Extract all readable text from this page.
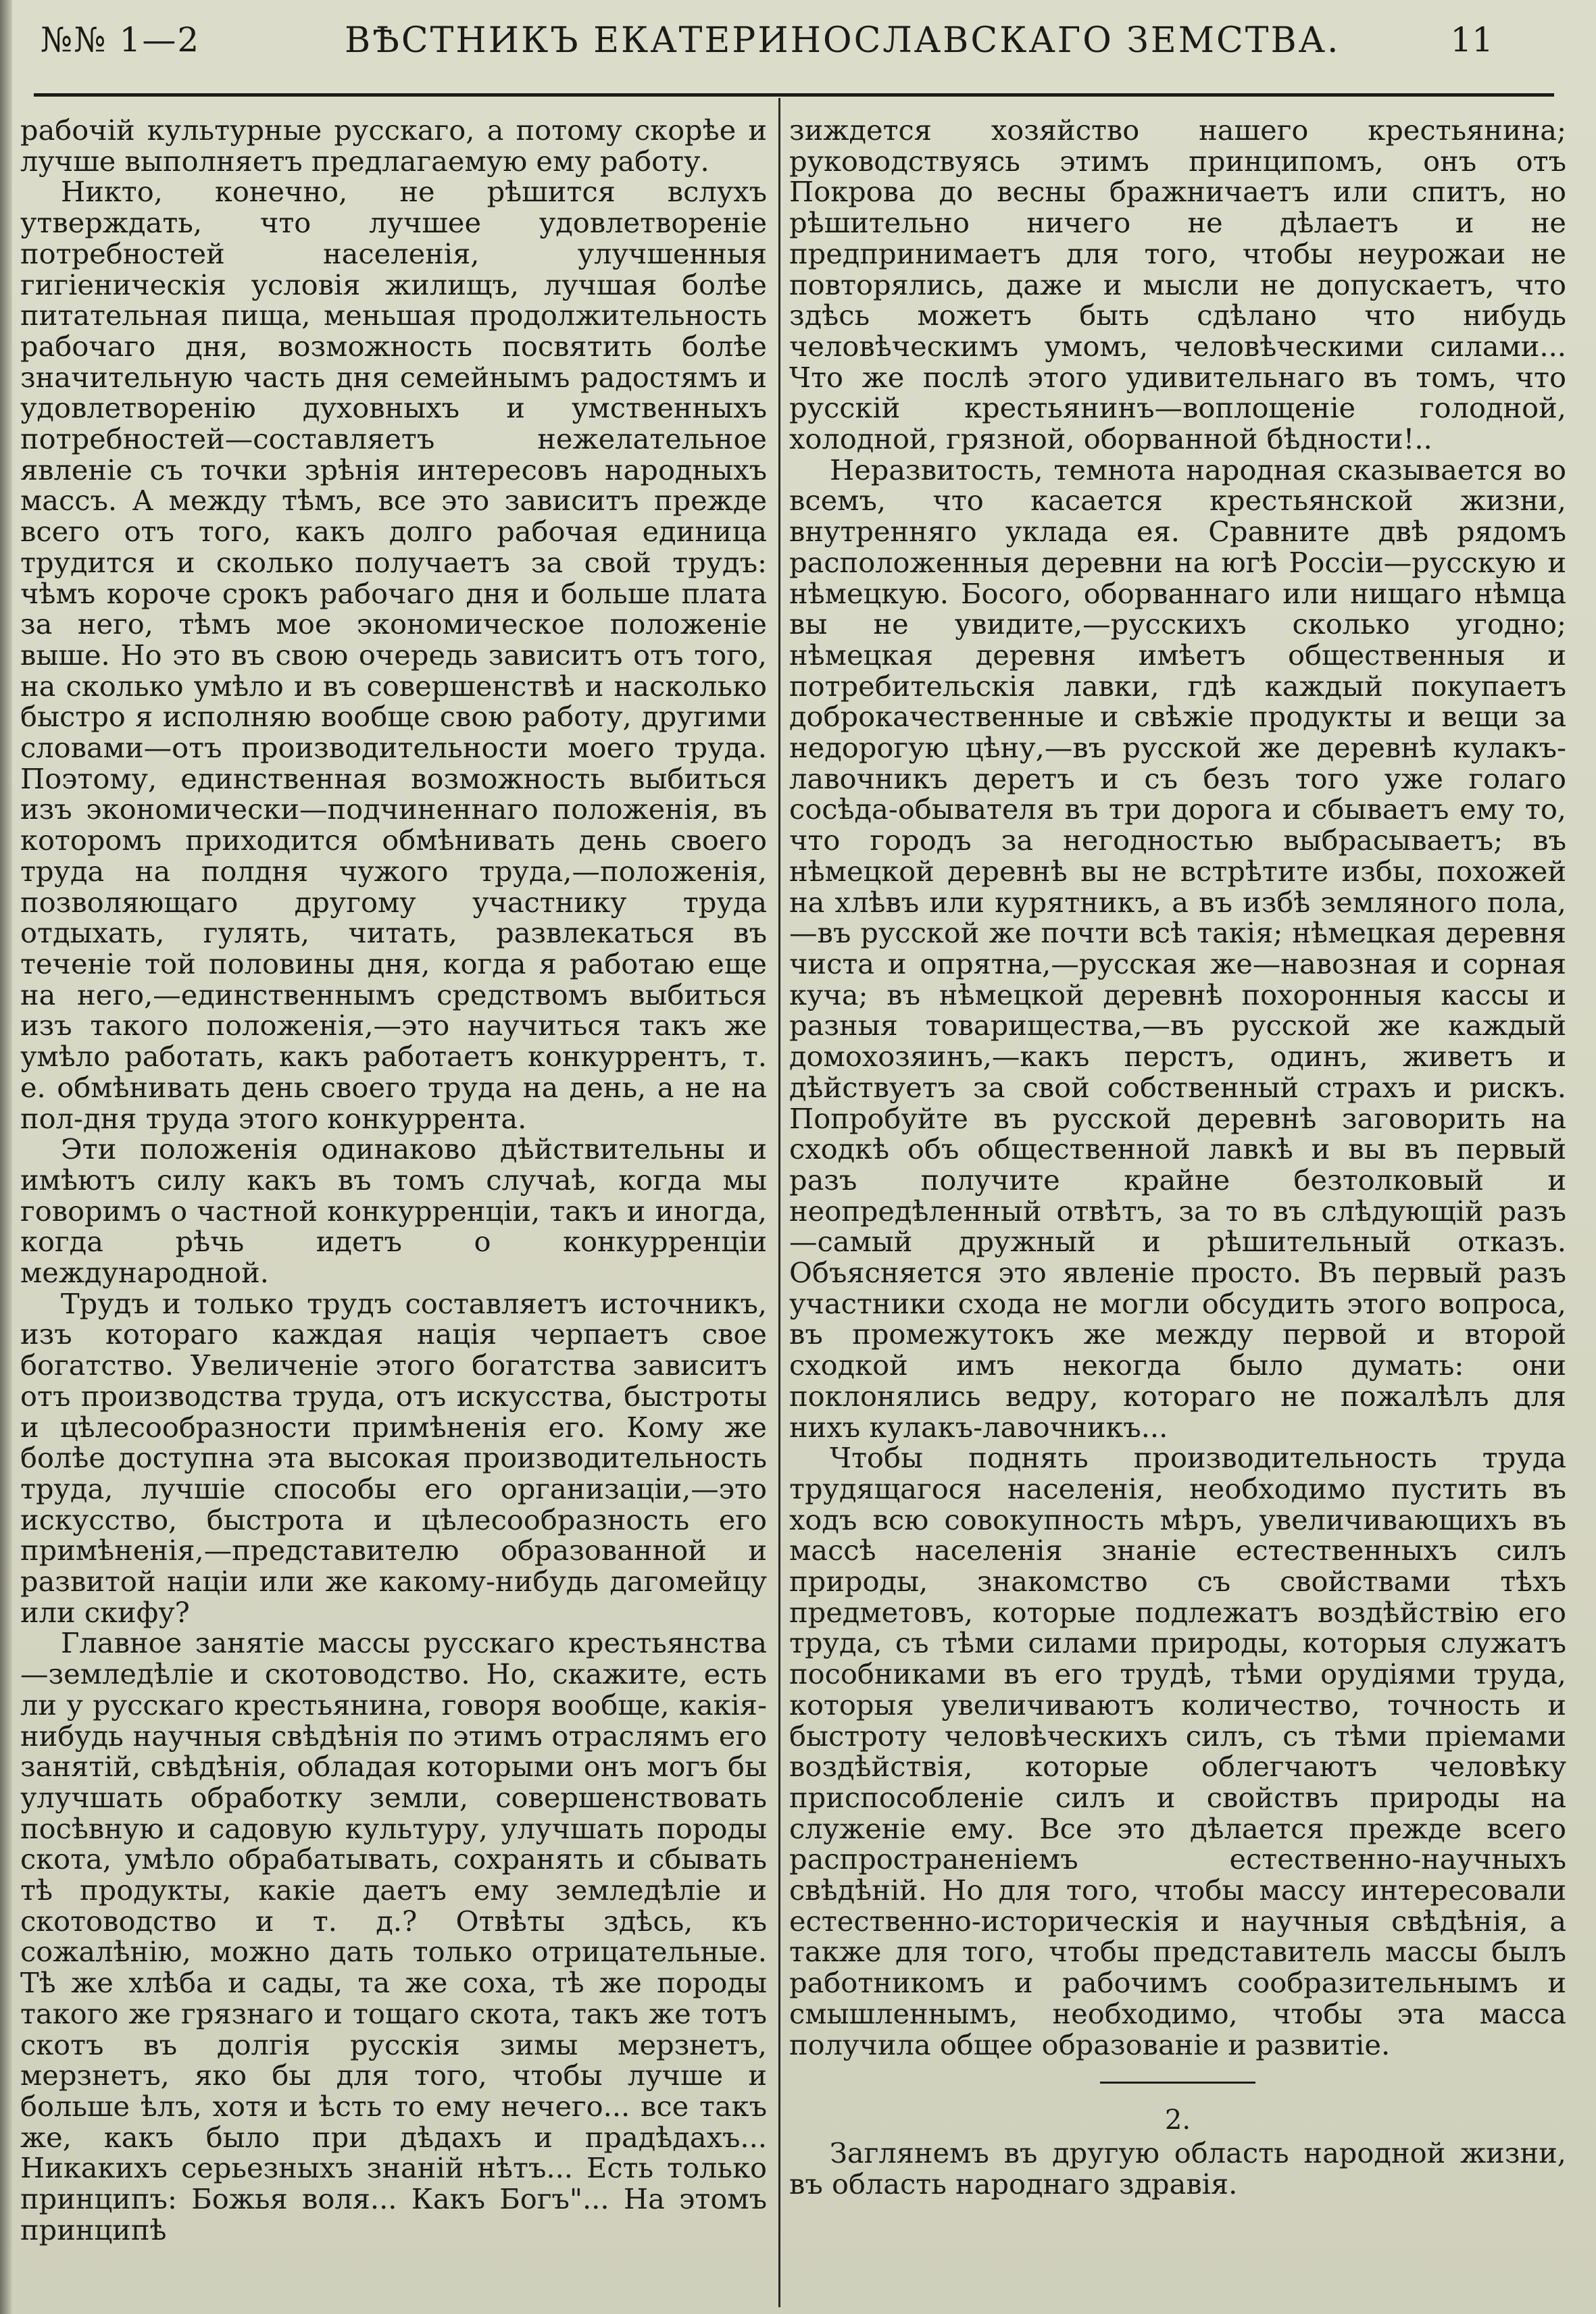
№№ 1—2	ВѢСТНИКЪ ЕКАТЕРИНОСЛАВСКАГО ЗЕМСТВА.	11

рабочій культурные русскаго, а потому скорѣе и лучше выполняетъ предлагаемую ему работу.

Никто, конечно, не рѣшится вслухъ утверждать, что лучшее удовлетвореніе потребностей населенія, улучшенныя гигіеническія условія жилищъ, лучшая болѣе питательная пища, меньшая продолжительность рабочаго дня, возможность посвятить болѣе значительную часть дня семейнымъ радостямъ и удовлетворенію духовныхъ и умственныхъ потребностей—составляетъ нежелательное явленіе съ точки зрѣнія интересовъ народныхъ массъ. А между тѣмъ, все это зависитъ прежде всего отъ того, какъ долго рабочая единица трудится и сколько получаетъ за свой трудъ: чѣмъ короче срокъ рабочаго дня и больше плата за него, тѣмъ мое экономическое положеніе выше. Но это въ свою очередь зависитъ отъ того, на сколько умѣло и въ совершенствѣ и насколько быстро я исполняю вообще свою работу, другими словами—отъ производительности моего труда. Поэтому, единственная возможность выбиться изъ экономически—подчиненнаго положенія, въ которомъ приходится обмѣнивать день своего труда на полдня чужого труда,—положенія, позволяющаго другому участнику труда отдыхать, гулять, читать, развлекаться въ теченіе той половины дня, когда я работаю еще на него,—единственнымъ средствомъ выбиться изъ такого положенія,—это научиться такъ же умѣло работать, какъ работаетъ конкуррентъ, т. е. обмѣнивать день своего труда на день, а не на пол-дня труда этого конкуррента.

Эти положенія одинаково дѣйствительны и имѣютъ силу какъ въ томъ случаѣ, когда мы говоримъ о частной конкурренціи, такъ и иногда, когда рѣчь идетъ о конкурренціи международной.

Трудъ и только трудъ составляетъ источникъ, изъ котораго каждая нація черпаетъ свое богатство. Увеличеніе этого богатства зависитъ отъ производства труда, отъ искусства, быстроты и цѣлесообразности примѣненія его. Кому же болѣе доступна эта высокая производительность труда, лучшіе способы его организаціи,—это искусство, быстрота и цѣлесообразность его примѣненія,—представителю образованной и развитой націи или же какому-нибудь дагомейцу или скифу?

Главное занятіе массы русскаго крестьянства—земледѣліе и скотоводство. Но, скажите, есть ли у русскаго крестьянина, говоря вообще, какія-нибудь научныя свѣдѣнія по этимъ отраслямъ его занятій, свѣдѣнія, обладая которыми онъ могъ бы улучшать обработку земли, совершенствовать посѣвную и садовую культуру, улучшать породы скота, умѣло обрабатывать, сохранять и сбывать тѣ продукты, какіе даетъ ему земледѣліе и скотоводство и т. д.? Отвѣты здѣсь, къ сожалѣнію, можно дать только отрицательные. Тѣ же хлѣба и сады, та же соха, тѣ же породы такого же грязнаго и тощаго скота, такъ же тотъ скотъ въ долгія русскія зимы мерзнетъ, мерзнетъ, яко бы для того, чтобы лучше и больше ѣлъ, хотя и ѣсть то ему нечего... все такъ же, какъ было при дѣдахъ и прадѣдахъ... Никакихъ серьезныхъ знаній нѣтъ... Есть только принципъ: Божья воля... Какъ Богъ"... На этомъ принципѣ

зиждется хозяйство нашего крестьянина; руководствуясь этимъ принципомъ, онъ отъ Покрова до весны бражничаетъ или спитъ, но рѣшительно ничего не дѣлаетъ и не предпринимаетъ для того, чтобы неурожаи не повторялись, даже и мысли не допускаетъ, что здѣсь можетъ быть сдѣлано что нибудь человѣческимъ умомъ, человѣческими силами... Что же послѣ этого удивительнаго въ томъ, что русскій крестьянинъ—воплощеніе голодной, холодной, грязной, оборванной бѣдности!..

Неразвитость, темнота народная сказывается во всемъ, что касается крестьянской жизни, внутренняго уклада ея. Сравните двѣ рядомъ расположенныя деревни на югѣ Россіи—русскую и нѣмецкую. Босого, оборваннаго или нищаго нѣмца вы не увидите,—русскихъ сколько угодно; нѣмецкая деревня имѣетъ общественныя и потребительскія лавки, гдѣ каждый покупаетъ доброкачественные и свѣжіе продукты и вещи за недорогую цѣну,—въ русской же деревнѣ кулакъ-лавочникъ деретъ и съ безъ того уже голаго сосѣда-обывателя въ три дорога и сбываетъ ему то, что городъ за негодностью выбрасываетъ; въ нѣмецкой деревнѣ вы не встрѣтите избы, похожей на хлѣвъ или курятникъ, а въ избѣ земляного пола, —въ русской же почти всѣ такія; нѣмецкая деревня чиста и опрятна,—русская же—навозная и сорная куча; въ нѣмецкой деревнѣ похоронныя кассы и разныя товарищества,—въ русской же каждый домохозяинъ,—какъ перстъ, одинъ, живетъ и дѣйствуетъ за свой собственный страхъ и рискъ. Попробуйте въ русской деревнѣ заговорить на сходкѣ объ общественной лавкѣ и вы въ первый разъ получите крайне безтолковый и неопредѣленный отвѣтъ, за то въ слѣдующій разъ —самый дружный и рѣшительный отказъ. Объясняется это явленіе просто. Въ первый разъ участники схода не могли обсудить этого вопроса, въ промежутокъ же между первой и второй сходкой имъ некогда было думать: они поклонялись ведру, котораго не пожалѣлъ для нихъ кулакъ-лавочникъ...

Чтобы поднять производительность труда трудящагося населенія, необходимо пустить въ ходъ всю совокупность мѣръ, увеличивающихъ въ массѣ населенія знаніе естественныхъ силъ природы, знакомство съ свойствами тѣхъ предметовъ, которые подлежатъ воздѣйствію его труда, съ тѣми силами природы, которыя служатъ пособниками въ его трудѣ, тѣми орудіями труда, которыя увеличиваютъ количество, точность и быстроту человѣческихъ силъ, съ тѣми пріемами воздѣйствія, которые облегчаютъ человѣку приспособленіе силъ и свойствъ природы на служеніе ему. Все это дѣлается прежде всего распространеніемъ естественно-научныхъ свѣдѣній. Но для того, чтобы массу интересовали естественно-историческія и научныя свѣдѣнія, а также для того, чтобы представитель массы былъ работникомъ и рабочимъ сообразительнымъ и смышленнымъ, необходимо, чтобы эта масса получила общее образованіе и развитіе.

2.

Заглянемъ въ другую область народной жизни, въ область народнаго здравія.
